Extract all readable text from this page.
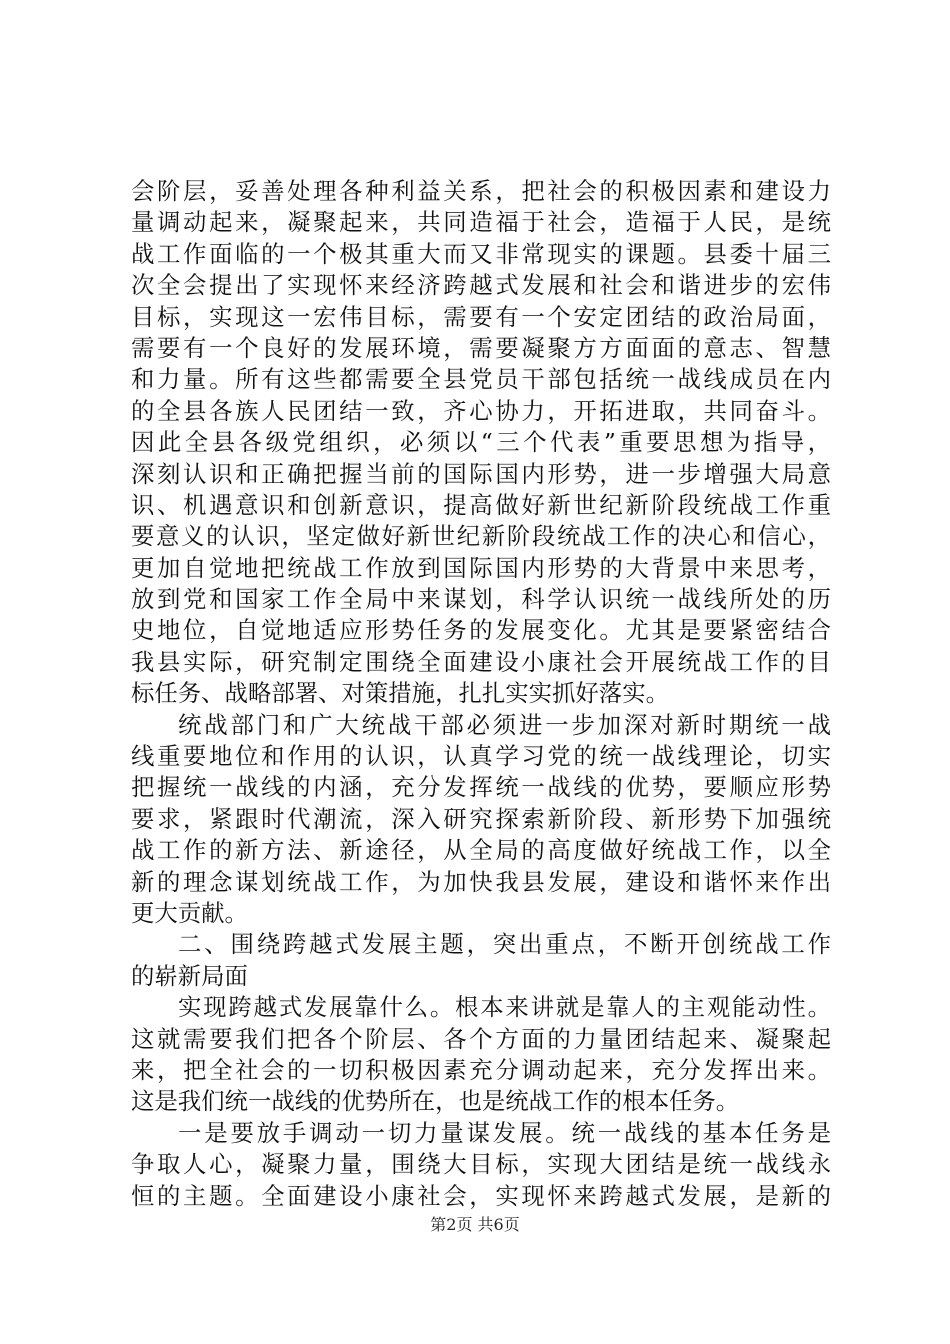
会阶层，妥善处理各种利益关系，把社会的积极因素和建设力
量调动起来，凝聚起来，共同造福于社会，造福于人民，是统
战工作面临的一个极其重大而又非常现实的课题。县委十届三
次全会提出了实现怀来经济跨越式发展和社会和谐进步的宏伟
目标，实现这一宏伟目标，需要有一个安定团结的政治局面，
需要有一个良好的发展环境，需要凝聚方方面面的意志、智慧
和力量。所有这些都需要全县党员干部包括统一战线成员在内
的全县各族人民团结一致，齐心协力，开拓进取，共同奋斗。
因此全县各级党组织，必须以“三个代表”重要思想为指导，
深刻认识和正确把握当前的国际国内形势，进一步增强大局意
识、机遇意识和创新意识，提高做好新世纪新阶段统战工作重
要意义的认识，坚定做好新世纪新阶段统战工作的决心和信心，
更加自觉地把统战工作放到国际国内形势的大背景中来思考，
放到党和国家工作全局中来谋划，科学认识统一战线所处的历
史地位，自觉地适应形势任务的发展变化。尤其是要紧密结合
我县实际，研究制定围绕全面建设小康社会开展统战工作的目
标任务、战略部署、对策措施，扎扎实实抓好落实。
统战部门和广大统战干部必须进一步加深对新时期统一战
线重要地位和作用的认识，认真学习党的统一战线理论，切实
把握统一战线的内涵，充分发挥统一战线的优势，要顺应形势
要求，紧跟时代潮流，深入研究探索新阶段、新形势下加强统
战工作的新方法、新途径，从全局的高度做好统战工作，以全
新的理念谋划统战工作，为加快我县发展，建设和谐怀来作出
更大贡献。
二、围绕跨越式发展主题，突出重点，不断开创统战工作
的崭新局面
实现跨越式发展靠什么。根本来讲就是靠人的主观能动性。
这就需要我们把各个阶层、各个方面的力量团结起来、凝聚起
来，把全社会的一切积极因素充分调动起来，充分发挥出来。
这是我们统一战线的优势所在，也是统战工作的根本任务。
一是要放手调动一切力量谋发展。统一战线的基本任务是
争取人心，凝聚力量，围绕大目标，实现大团结是统一战线永
恒的主题。全面建设小康社会，实现怀来跨越式发展，是新的
第2页 共6页
